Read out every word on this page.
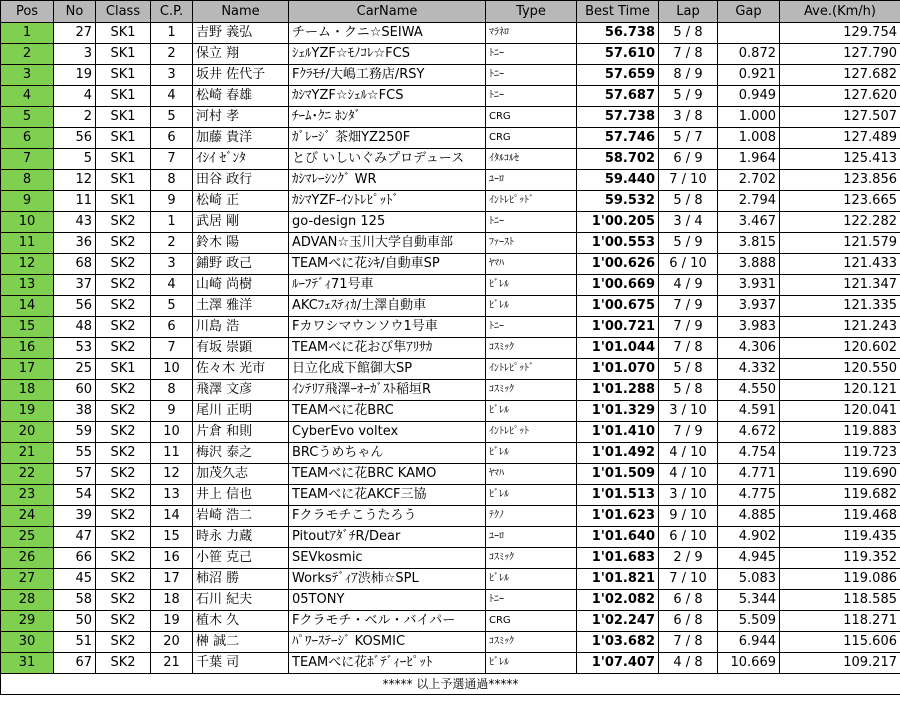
Pos	No	Class	C.P.	Name	CarName	Type	Best Time	Lap	Gap	Ave.(Km/h)
1	27	SK1	1	吉野 義弘	チーム・クニ☆SEIWA	ﾏﾗﾈﾛ	56.738	5 / 8		129.754
2	3	SK1	2	保立 翔	ｼｪﾙYZF☆ﾓﾉｺﾚ☆FCS	ﾄﾆｰ	57.610	7 / 8	0.872	127.790
3	19	SK1	3	坂井 佐代子	Fｸﾗﾓﾁ/大嶋工務店/RSY	ﾄﾆｰ	57.659	8 / 9	0.921	127.682
4	4	SK1	4	松崎 春雄	ｶｼﾏYZF☆ｼｪﾙ☆FCS	ﾄﾆｰ	57.687	5 / 9	0.949	127.620
5	2	SK1	5	河村 孝	ﾁｰﾑ･ｸﾆ ﾎﾝﾀﾞ	CRG	57.738	3 / 8	1.000	127.507
6	56	SK1	6	加藤 貴洋	ｶﾞﾚｰｼﾞ 茶畑YZ250F	CRG	57.746	5 / 7	1.008	127.489
7	5	SK1	7	ｲｼｲ ｾﾞﾝﾀ	とび いしいぐみプロデュース	ｲﾀﾙｺﾙｾ	58.702	6 / 9	1.964	125.413
8	12	SK1	8	田谷 政行	ｶｼﾏﾚｰｼﾝｸﾞ WR	ﾕｰﾛ	59.440	7 / 10	2.702	123.856
9	11	SK1	9	松崎 正	ｶｼﾏYZF-ｲﾝﾄﾚﾋﾟｯﾄﾞ	ｲﾝﾄﾚﾋﾟｯﾄﾞ	59.532	5 / 8	2.794	123.665
10	43	SK2	1	武居 剛	go-design 125	ﾄﾆｰ	1'00.205	3 / 4	3.467	122.282
11	36	SK2	2	鈴木 陽	ADVAN☆玉川大学自動車部	ﾌｧｰｽﾄ	1'00.553	5 / 9	3.815	121.579
12	68	SK2	3	鋪野 政己	TEAMべに花ｼｷ/自動車SP	ﾔﾏﾊ	1'00.626	6 / 10	3.888	121.433
13	37	SK2	4	山崎 尚樹	ﾙｰﾌﾃﾞｨ71号車	ﾋﾞﾚﾙ	1'00.669	4 / 9	3.931	121.347
14	56	SK2	5	土澤 雅洋	AKCﾌｪｽﾃｨｶ/土澤自動車	ﾋﾞﾚﾙ	1'00.675	7 / 9	3.937	121.335
15	48	SK2	6	川島 浩	Fカワシマウンソウ1号車	ﾄﾆｰ	1'00.721	7 / 9	3.983	121.243
16	53	SK2	7	有坂 崇顕	TEAMべに花おび隼ｱﾘｻｶ	ｺｽﾐｯｸ	1'01.044	7 / 8	4.306	120.602
17	25	SK1	10	佐々木 光市	日立化成下館御大SP	ｲﾝﾄﾚﾋﾟｯﾄﾞ	1'01.070	5 / 8	4.332	120.550
18	60	SK2	8	飛澤 文彦	ｲﾝﾃﾘｱ飛澤ｰｵｰｶﾞｽﾄ稲垣R	ｺｽﾐｯｸ	1'01.288	5 / 8	4.550	120.121
19	38	SK2	9	尾川 正明	TEAMべに花BRC	ﾋﾞﾚﾙ	1'01.329	3 / 10	4.591	120.041
20	59	SK2	10	片倉 和則	CyberEvo voltex	ｲﾝﾄﾚﾋﾟｯﾄ	1'01.410	7 / 9	4.672	119.883
21	55	SK2	11	梅沢 泰之	BRCうめちゃん	ﾋﾞﾚﾙ	1'01.492	4 / 10	4.754	119.723
22	57	SK2	12	加茂久志	TEAMべに花BRC KAMO	ﾔﾏﾊ	1'01.509	4 / 10	4.771	119.690
23	54	SK2	13	井上 信也	TEAMべに花AKCF三協	ﾋﾞﾚﾙ	1'01.513	3 / 10	4.775	119.682
24	39	SK2	14	岩崎 浩二	Fクラモチこうたろう	ﾃｸﾉ	1'01.623	9 / 10	4.885	119.468
25	47	SK2	15	時永 力蔵	PitoutｱﾀﾞﾁR/Dear	ﾕｰﾛ	1'01.640	6 / 10	4.902	119.435
26	66	SK2	16	小笹 克己	SEVkosmic	ｺｽﾐｯｸ	1'01.683	2 / 9	4.945	119.352
27	45	SK2	17	柿沼 勝	Worksﾃﾞｨｱ渋柿☆SPL	ﾋﾞﾚﾙ	1'01.821	7 / 10	5.083	119.086
28	58	SK2	18	石川 紀夫	05TONY	ﾄﾆｰ	1'02.082	6 / 8	5.344	118.585
29	50	SK2	19	植木 久	Fクラモチ・ベル・バイパー	CRG	1'02.247	6 / 8	5.509	118.271
30	51	SK2	20	榊 誠二	ﾊﾟﾜｰｽﾃｰｼﾞ KOSMIC	ｺｽﾐｯｸ	1'03.682	7 / 8	6.944	115.606
31	67	SK2	21	千葉 司	TEAMべに花ﾎﾞﾃﾞｨｰﾋﾟｯﾄ	ﾋﾞﾚﾙ	1'07.407	4 / 8	10.669	109.217
***** 以上予選通過*****										
